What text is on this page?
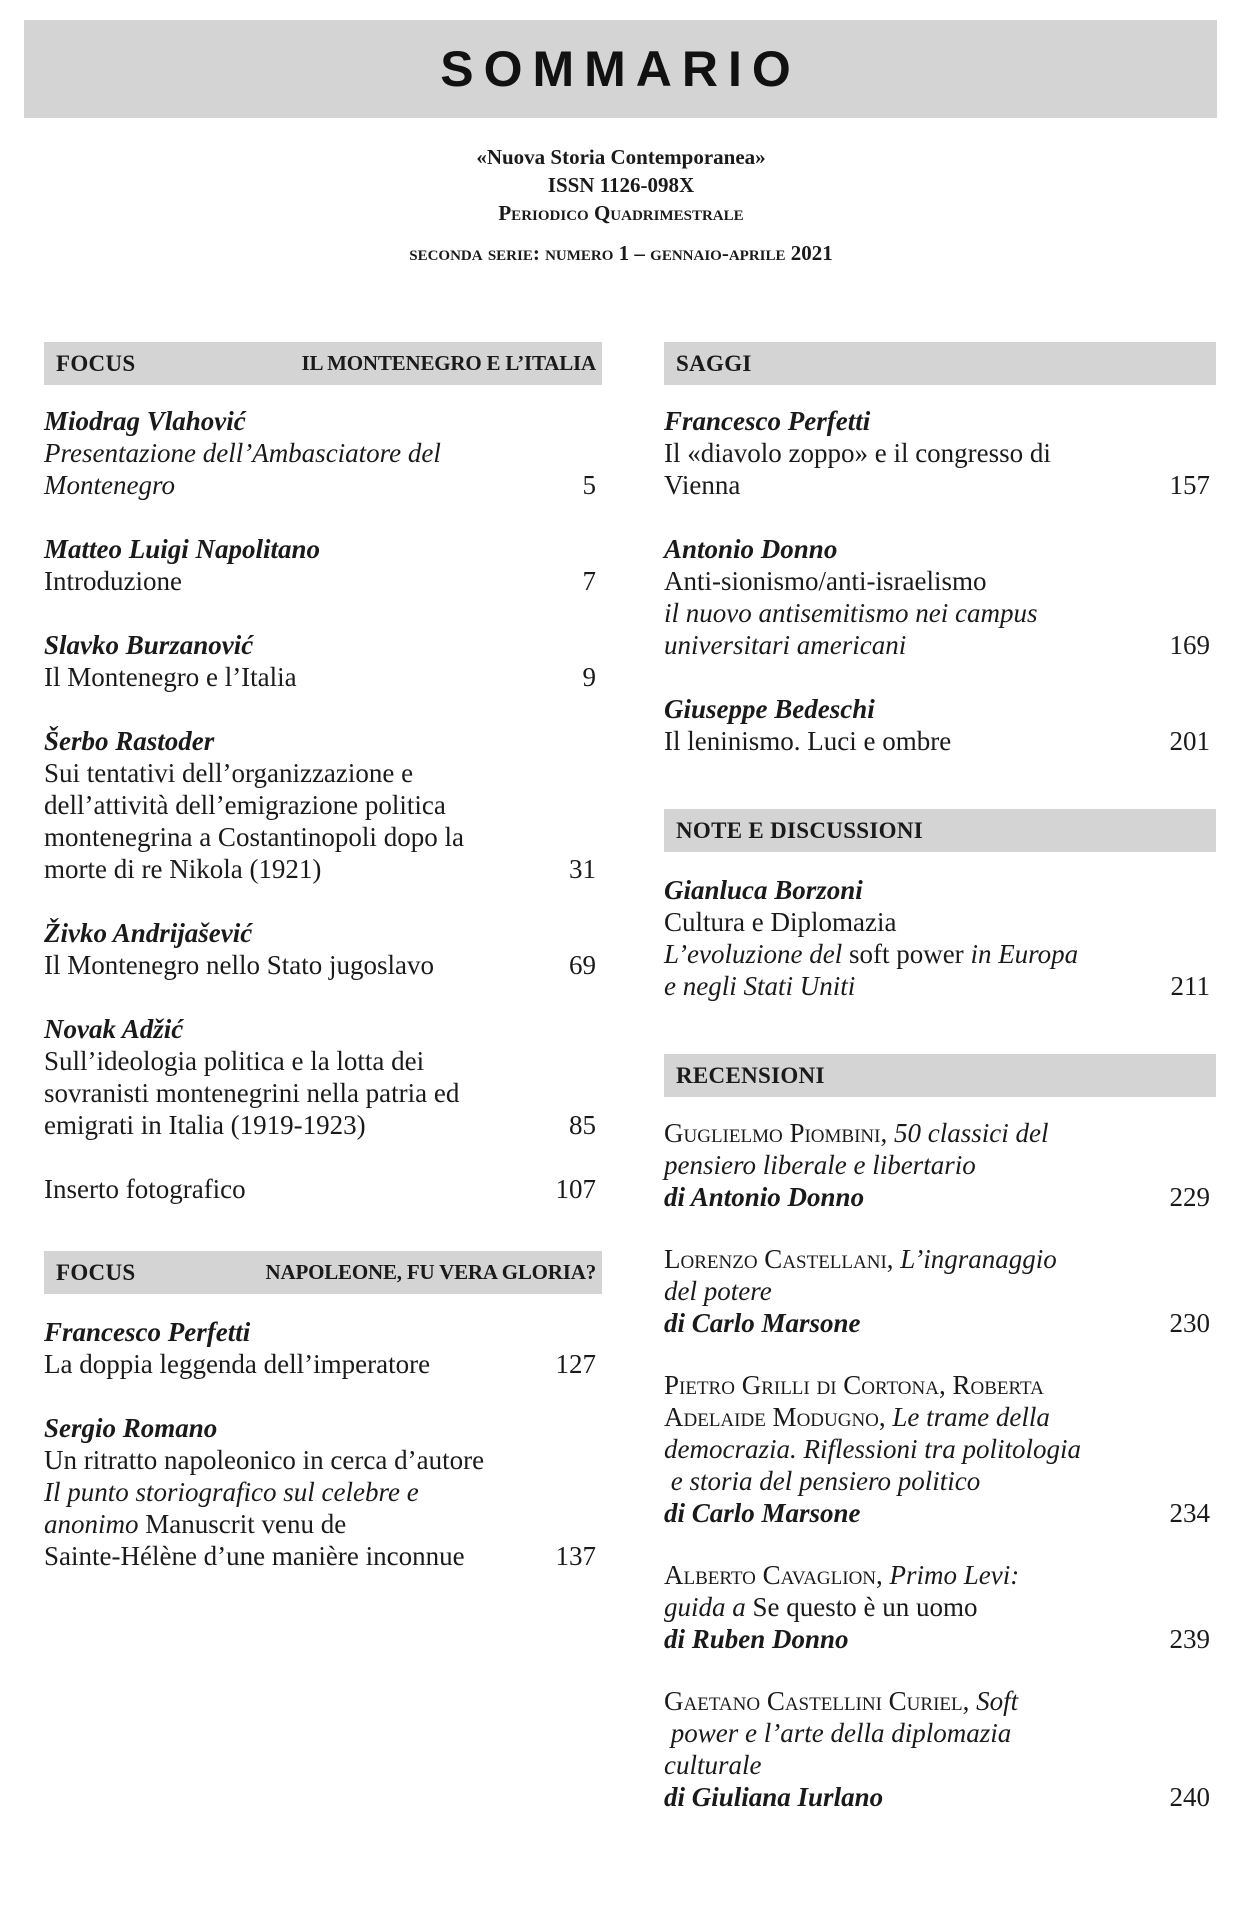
SOMMARIO
«Nuova Storia Contemporanea»
ISSN 1126-098X
Periodico Quadrimestrale
seconda serie: numero 1 – gennaio-aprile 2021
FOCUS	IL MONTENEGRO E L’ITALIA
Miodrag Vlahović
Presentazione dell’Ambasciatore del
Montenegro	5
Matteo Luigi Napolitano
Introduzione	7
Slavko Burzanović
Il Montenegro e l’Italia	9
Šerbo Rastoder
Sui tentativi dell’organizzazione e
dell’attività dell’emigrazione politica
montenegrina a Costantinopoli dopo la
morte di re Nikola (1921)	31
Živko Andrijašević
Il Montenegro nello Stato jugoslavo	69
Novak Adžić
Sull’ideologia politica e la lotta dei
sovranisti montenegrini nella patria ed
emigrati in Italia (1919-1923)	85
Inserto fotografico	107
FOCUS	NAPOLEONE, FU VERA GLORIA?
Francesco Perfetti
La doppia leggenda dell’imperatore	127
Sergio Romano
Un ritratto napoleonico in cerca d’autore
Il punto storiografico sul celebre e
anonimo Manuscrit venu de
Sainte-Hélène d’une manière inconnue	137
SAGGI
Francesco Perfetti
Il «diavolo zoppo» e il congresso di
Vienna	157
Antonio Donno
Anti-sionismo/anti-israelismo
il nuovo antisemitismo nei campus
universitari americani	169
Giuseppe Bedeschi
Il leninismo. Luci e ombre	201
NOTE E DISCUSSIONI
Gianluca Borzoni
Cultura e Diplomazia
L’evoluzione del soft power in Europa
e negli Stati Uniti	211
RECENSIONI
Guglielmo Piombini, 50 classici del
pensiero liberale e libertario
di Antonio Donno	229
Lorenzo Castellani, L’ingranaggio
del potere
di Carlo Marsone	230
Pietro Grilli di Cortona, Roberta
Adelaide Modugno, Le trame della
democrazia. Riflessioni tra politologia
e storia del pensiero politico
di Carlo Marsone	234
Alberto Cavaglion, Primo Levi:
guida a Se questo è un uomo
di Ruben Donno	239
Gaetano Castellini Curiel, Soft
power e l’arte della diplomazia
culturale
di Giuliana Iurlano	240
